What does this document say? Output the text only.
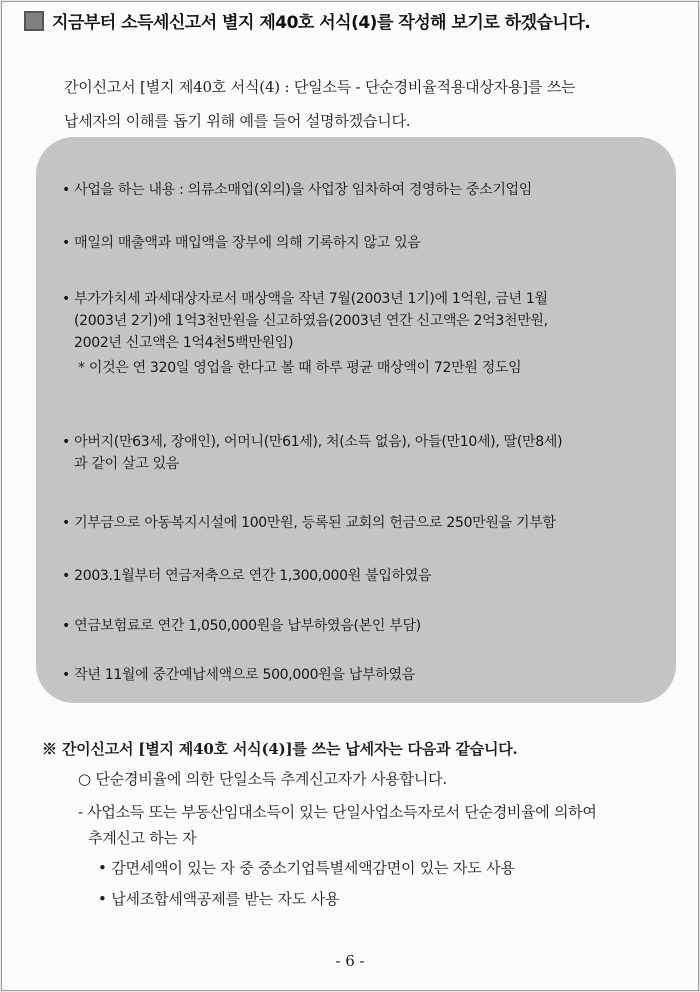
지금부터 소득세신고서 별지 제40호 서식(4)를 작성해 보기로 하겠습니다.

간이신고서 [별지 제40호 서식(4) : 단일소득 - 단순경비율적용대상자용]를 쓰는

납세자의 이해를 돕기 위해 예를 들어 설명하겠습니다.

• 사업을 하는 내용 : 의류소매업(외의)을 사업장 임차하여 경영하는 중소기업임

• 매일의 매출액과 매입액을 장부에 의해 기록하지 않고 있음

• 부가가치세 과세대상자로서 매상액을 작년 7월(2003년 1기)에 1억원, 금년 1월

(2003년 2기)에 1억3천만원을 신고하였음(2003년 연간 신고액은 2억3천만원,

2002년 신고액은 1억4천5백만원임)

* 이것은 연 320일 영업을 한다고 볼 때 하루 평균 매상액이 72만원 정도임

• 아버지(만63세, 장애인), 어머니(만61세), 처(소득 없음), 아들(만10세), 딸(만8세)

과 같이 살고 있음

• 기부금으로 아동복지시설에 100만원, 등록된 교회의 헌금으로 250만원을 기부함

• 2003.1월부터 연금저축으로 연간 1,300,000원 불입하였음

• 연금보험료로 연간 1,050,000원을 납부하였음(본인 부담)

• 작년 11월에 중간예납세액으로 500,000원을 납부하였음

※ 간이신고서 [별지 제40호 서식(4)]를 쓰는 납세자는 다음과 같습니다.
○ 단순경비율에 의한 단일소득 추계신고자가 사용합니다.

- 사업소득 또는 부동산임대소득이 있는 단일사업소득자로서 단순경비율에 의하여

추계신고 하는 자

• 감면세액이 있는 자 중 중소기업특별세액감면이 있는 자도 사용
• 납세조합세액공제를 받는 자도 사용
- 6 -
